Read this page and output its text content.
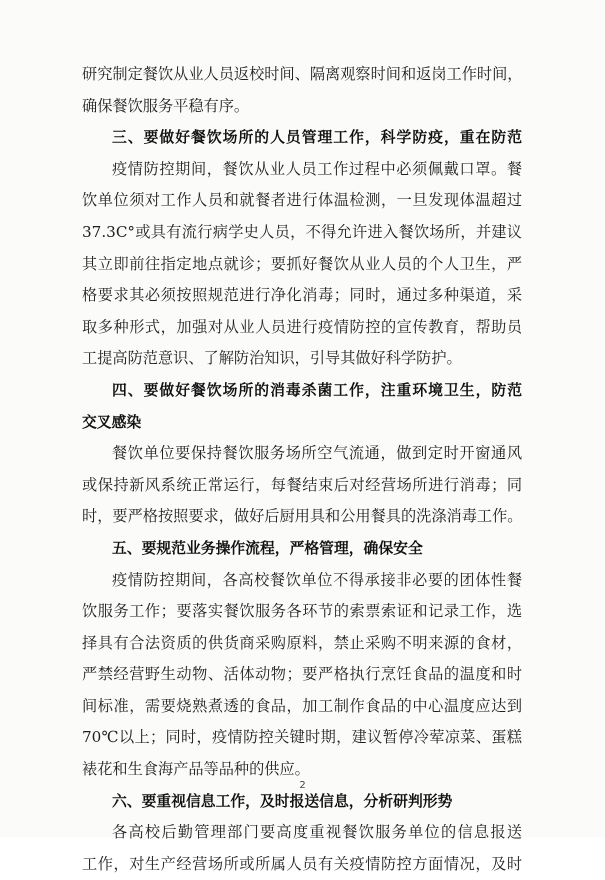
研究制定餐饮从业人员返校时间、隔离观察时间和返岗工作时间，
确保餐饮服务平稳有序。
三、要做好餐饮场所的人员管理工作，科学防疫，重在防范
疫情防控期间，餐饮从业人员工作过程中必须佩戴口罩。餐
饮单位须对工作人员和就餐者进行体温检测，一旦发现体温超过
37.3C°或具有流行病学史人员，不得允许进入餐饮场所，并建议
其立即前往指定地点就诊；要抓好餐饮从业人员的个人卫生，严
格要求其必须按照规范进行净化消毒；同时，通过多种渠道，采
取多种形式，加强对从业人员进行疫情防控的宣传教育，帮助员
工提高防范意识、了解防治知识，引导其做好科学防护。
四、要做好餐饮场所的消毒杀菌工作，注重环境卫生，防范
交叉感染
餐饮单位要保持餐饮服务场所空气流通，做到定时开窗通风
或保持新风系统正常运行，每餐结束后对经营场所进行消毒；同
时，要严格按照要求，做好后厨用具和公用餐具的洗涤消毒工作。
五、要规范业务操作流程，严格管理，确保安全
疫情防控期间，各高校餐饮单位不得承接非必要的团体性餐
饮服务工作；要落实餐饮服务各环节的索票索证和记录工作，选
择具有合法资质的供货商采购原料，禁止采购不明来源的食材，
严禁经营野生动物、活体动物；要严格执行烹饪食品的温度和时
间标准，需要烧熟煮透的食品，加工制作食品的中心温度应达到
70℃以上；同时，疫情防控关键时期，建议暂停冷荤凉菜、蛋糕
裱花和生食海产品等品种的供应。
六、要重视信息工作，及时报送信息，分析研判形势
各高校后勤管理部门要高度重视餐饮服务单位的信息报送
工作，对生产经营场所或所属人员有关疫情防控方面情况，及时
2
